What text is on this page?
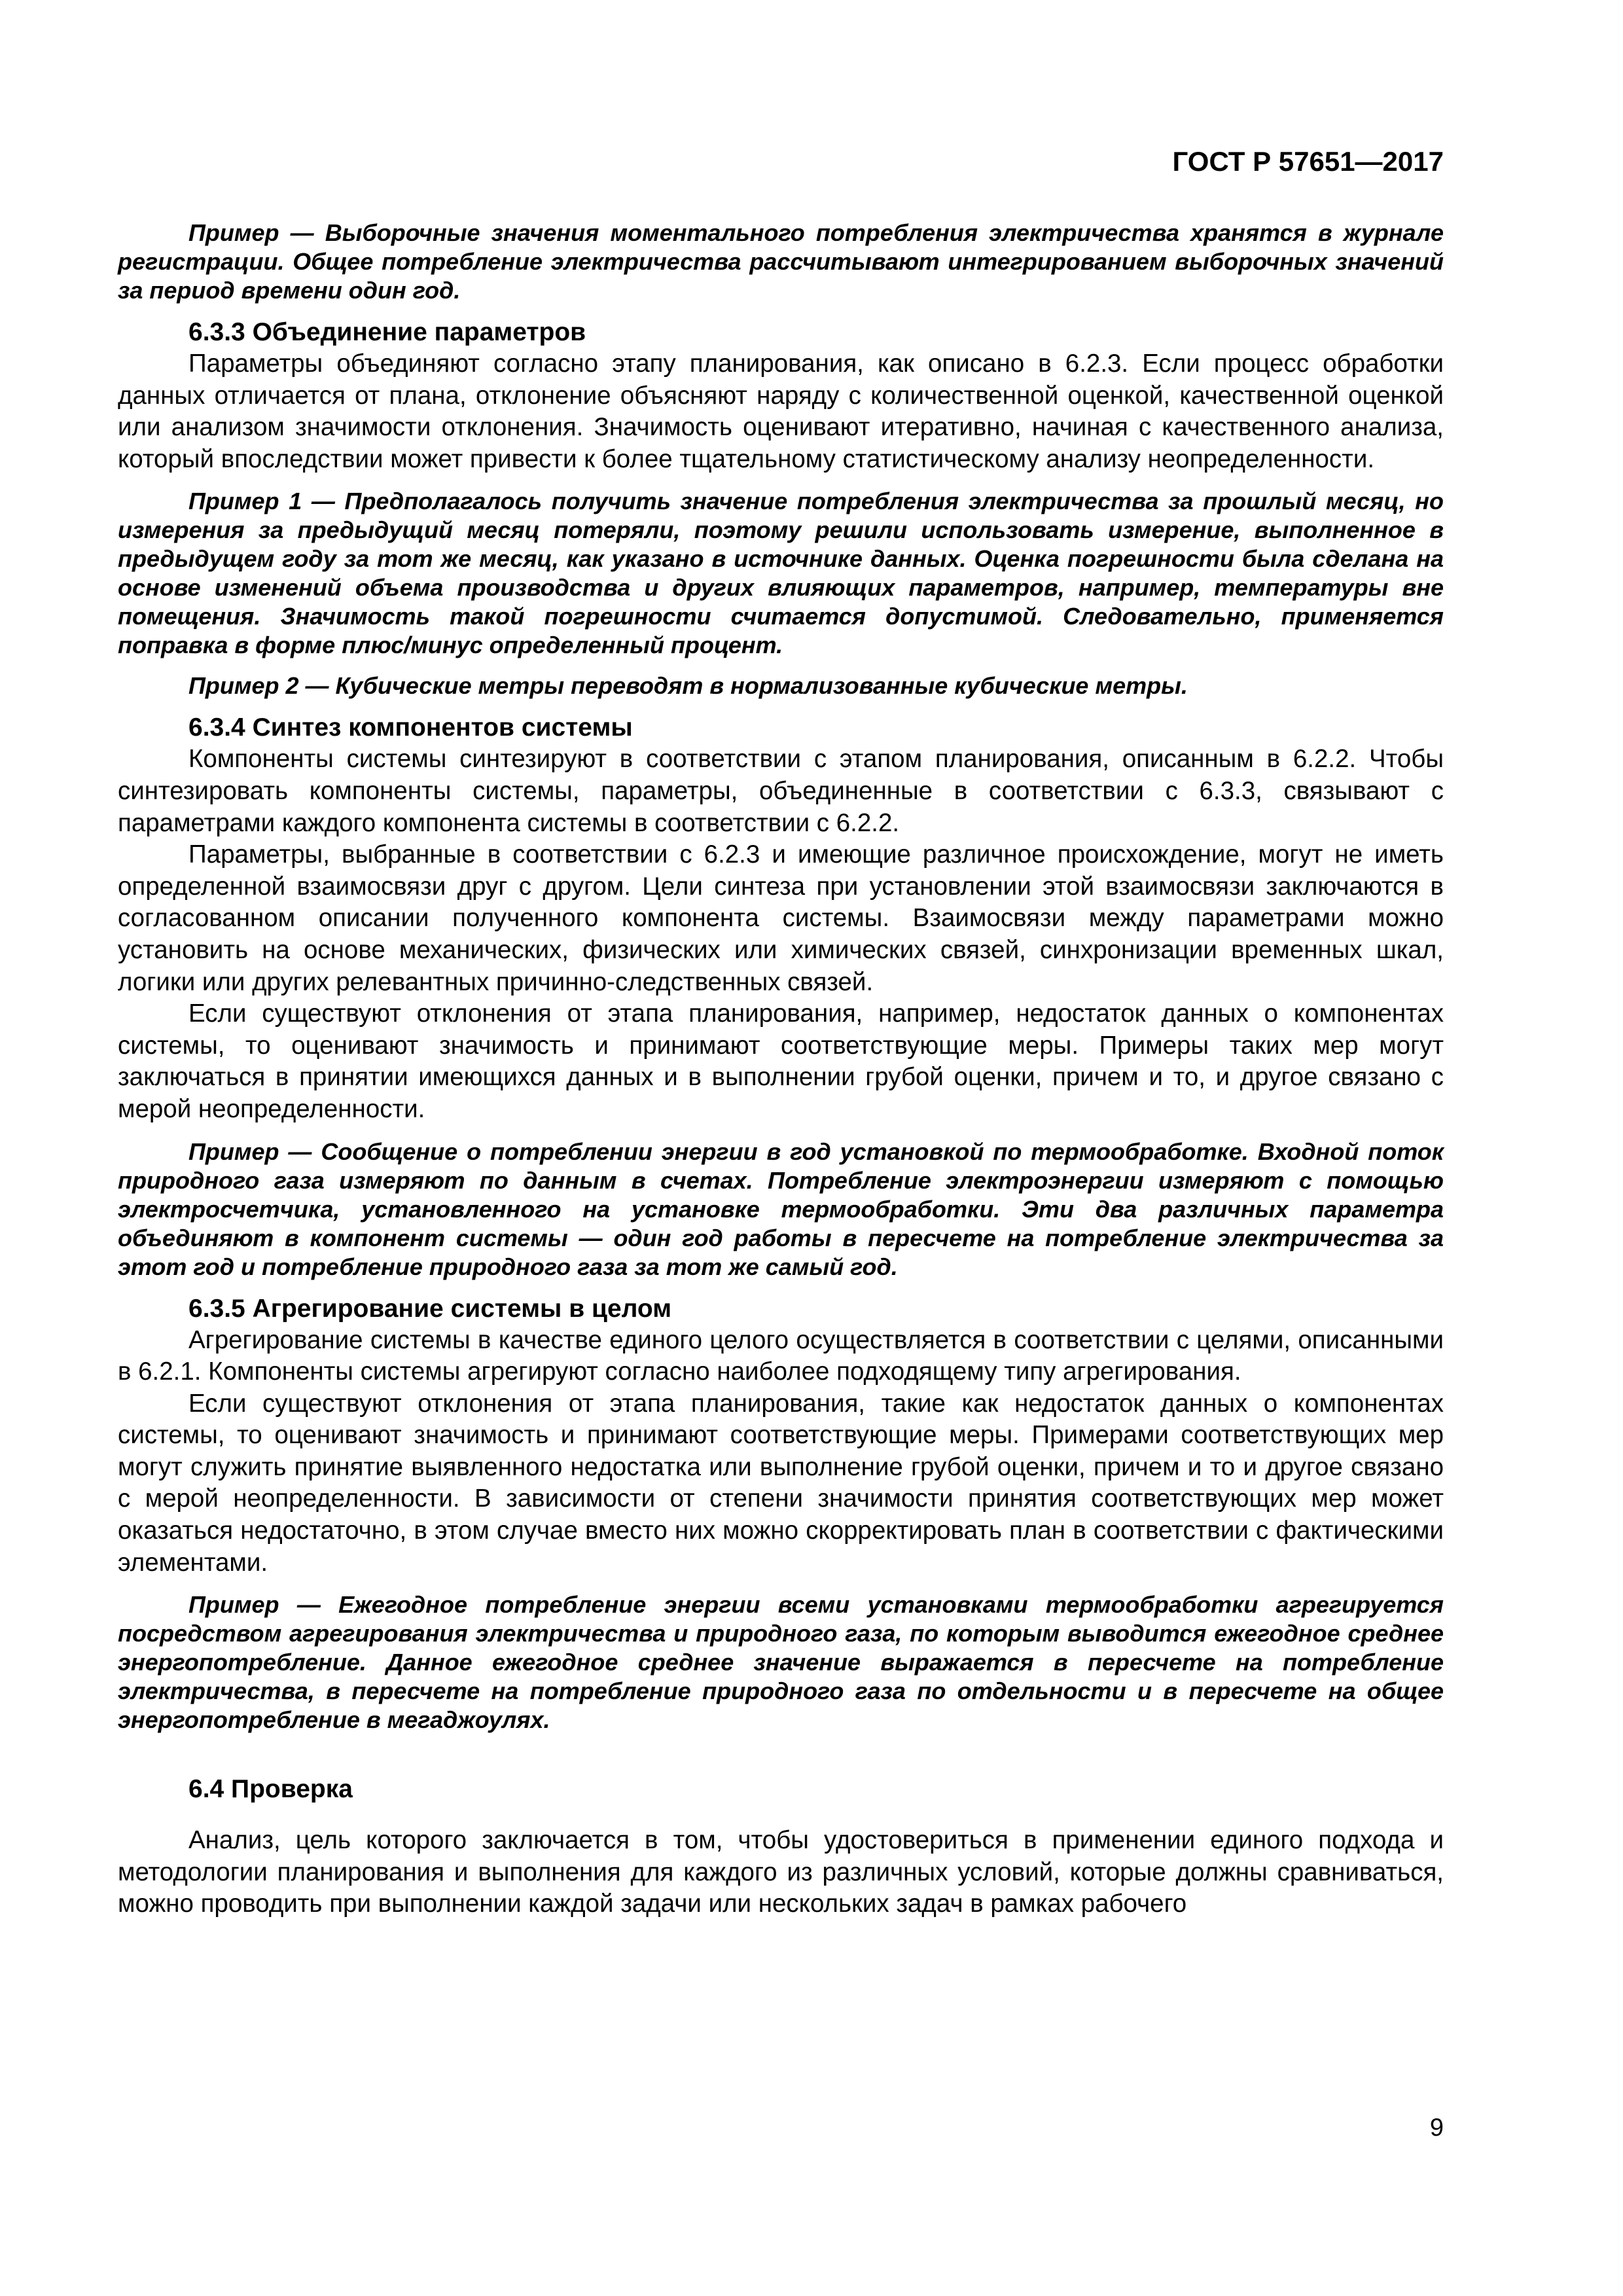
ГОСТ Р 57651—2017

Пример — Выборочные значения моментального потребления электричества хранятся в журнале регистрации. Общее потребление электричества рассчитывают интегрированием выборочных значений за период времени один год.

6.3.3 Объединение параметров

Параметры объединяют согласно этапу планирования, как описано в 6.2.3. Если процесс обработки данных отличается от плана, отклонение объясняют наряду с количественной оценкой, качественной оценкой или анализом значимости отклонения. Значимость оценивают итеративно, начиная с качественного анализа, который впоследствии может привести к более тщательному статистическому анализу неопределенности.

Пример 1 — Предполагалось получить значение потребления электричества за прошлый месяц, но измерения за предыдущий месяц потеряли, поэтому решили использовать измерение, выполненное в предыдущем году за тот же месяц, как указано в источнике данных. Оценка погрешности была сделана на основе изменений объема производства и других влияющих параметров, например, температуры вне помещения. Значимость такой погрешности считается допустимой. Следовательно, применяется поправка в форме плюс/минус определенный процент.

Пример 2 — Кубические метры переводят в нормализованные кубические метры.

6.3.4 Синтез компонентов системы

Компоненты системы синтезируют в соответствии с этапом планирования, описанным в 6.2.2. Чтобы синтезировать компоненты системы, параметры, объединенные в соответствии с 6.3.3, связывают с параметрами каждого компонента системы в соответствии с 6.2.2.

Параметры, выбранные в соответствии с 6.2.3 и имеющие различное происхождение, могут не иметь определенной взаимосвязи друг с другом. Цели синтеза при установлении этой взаимосвязи заключаются в согласованном описании полученного компонента системы. Взаимосвязи между параметрами можно установить на основе механических, физических или химических связей, синхронизации временных шкал, логики или других релевантных причинно-следственных связей.

Если существуют отклонения от этапа планирования, например, недостаток данных о компонентах системы, то оценивают значимость и принимают соответствующие меры. Примеры таких мер могут заключаться в принятии имеющихся данных и в выполнении грубой оценки, причем и то, и другое связано с мерой неопределенности.

Пример — Сообщение о потреблении энергии в год установкой по термообработке. Входной поток природного газа измеряют по данным в счетах. Потребление электроэнергии измеряют с помощью электросчетчика, установленного на установке термообработки. Эти два различных параметра объединяют в компонент системы — один год работы в пересчете на потребление электричества за этот год и потребление природного газа за тот же самый год.

6.3.5 Агрегирование системы в целом

Агрегирование системы в качестве единого целого осуществляется в соответствии с целями, описанными в 6.2.1. Компоненты системы агрегируют согласно наиболее подходящему типу агрегирования.

Если существуют отклонения от этапа планирования, такие как недостаток данных о компонентах системы, то оценивают значимость и принимают соответствующие меры. Примерами соответствующих мер могут служить принятие выявленного недостатка или выполнение грубой оценки, причем и то и другое связано с мерой неопределенности. В зависимости от степени значимости принятия соответствующих мер может оказаться недостаточно, в этом случае вместо них можно скорректировать план в соответствии с фактическими элементами.

Пример — Ежегодное потребление энергии всеми установками термообработки агрегируется посредством агрегирования электричества и природного газа, по которым выводится ежегодное среднее энергопотребление. Данное ежегодное среднее значение выражается в пересчете на потребление электричества, в пересчете на потребление природного газа по отдельности и в пересчете на общее энергопотребление в мегаджоулях.

6.4 Проверка

Анализ, цель которого заключается в том, чтобы удостовериться в применении единого подхода и методологии планирования и выполнения для каждого из различных условий, которые должны сравниваться, можно проводить при выполнении каждой задачи или нескольких задач в рамках рабочего

9
